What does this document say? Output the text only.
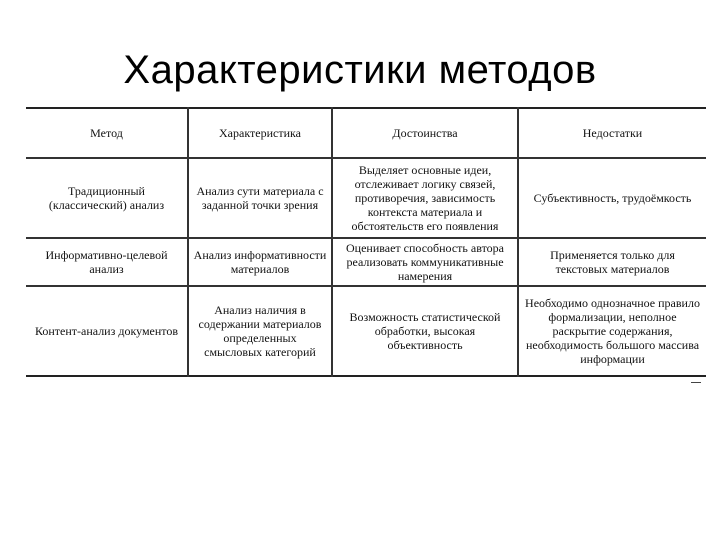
Характеристики методов
Метод	Характеристика	Достоинства	Недостатки
Традиционный (классический) анализ	Анализ сути материала с заданной точки зрения	Выделяет основные идеи, отслеживает логику связей, противоречия, зависимость контекста материала и обстоятельств его появления	Субъективность, трудоёмкость
Информативно-целевой анализ	Анализ информативности материалов	Оценивает способность автора реализовать коммуникативные намерения	Применяется только для текстовых материалов
Контент-анализ документов	Анализ наличия в содержании материалов определенных смысловых категорий	Возможность статистической обработки, высокая объективность	Необходимо однозначное правило формализации, неполное раскрытие содержания, необходимость большого массива информации
